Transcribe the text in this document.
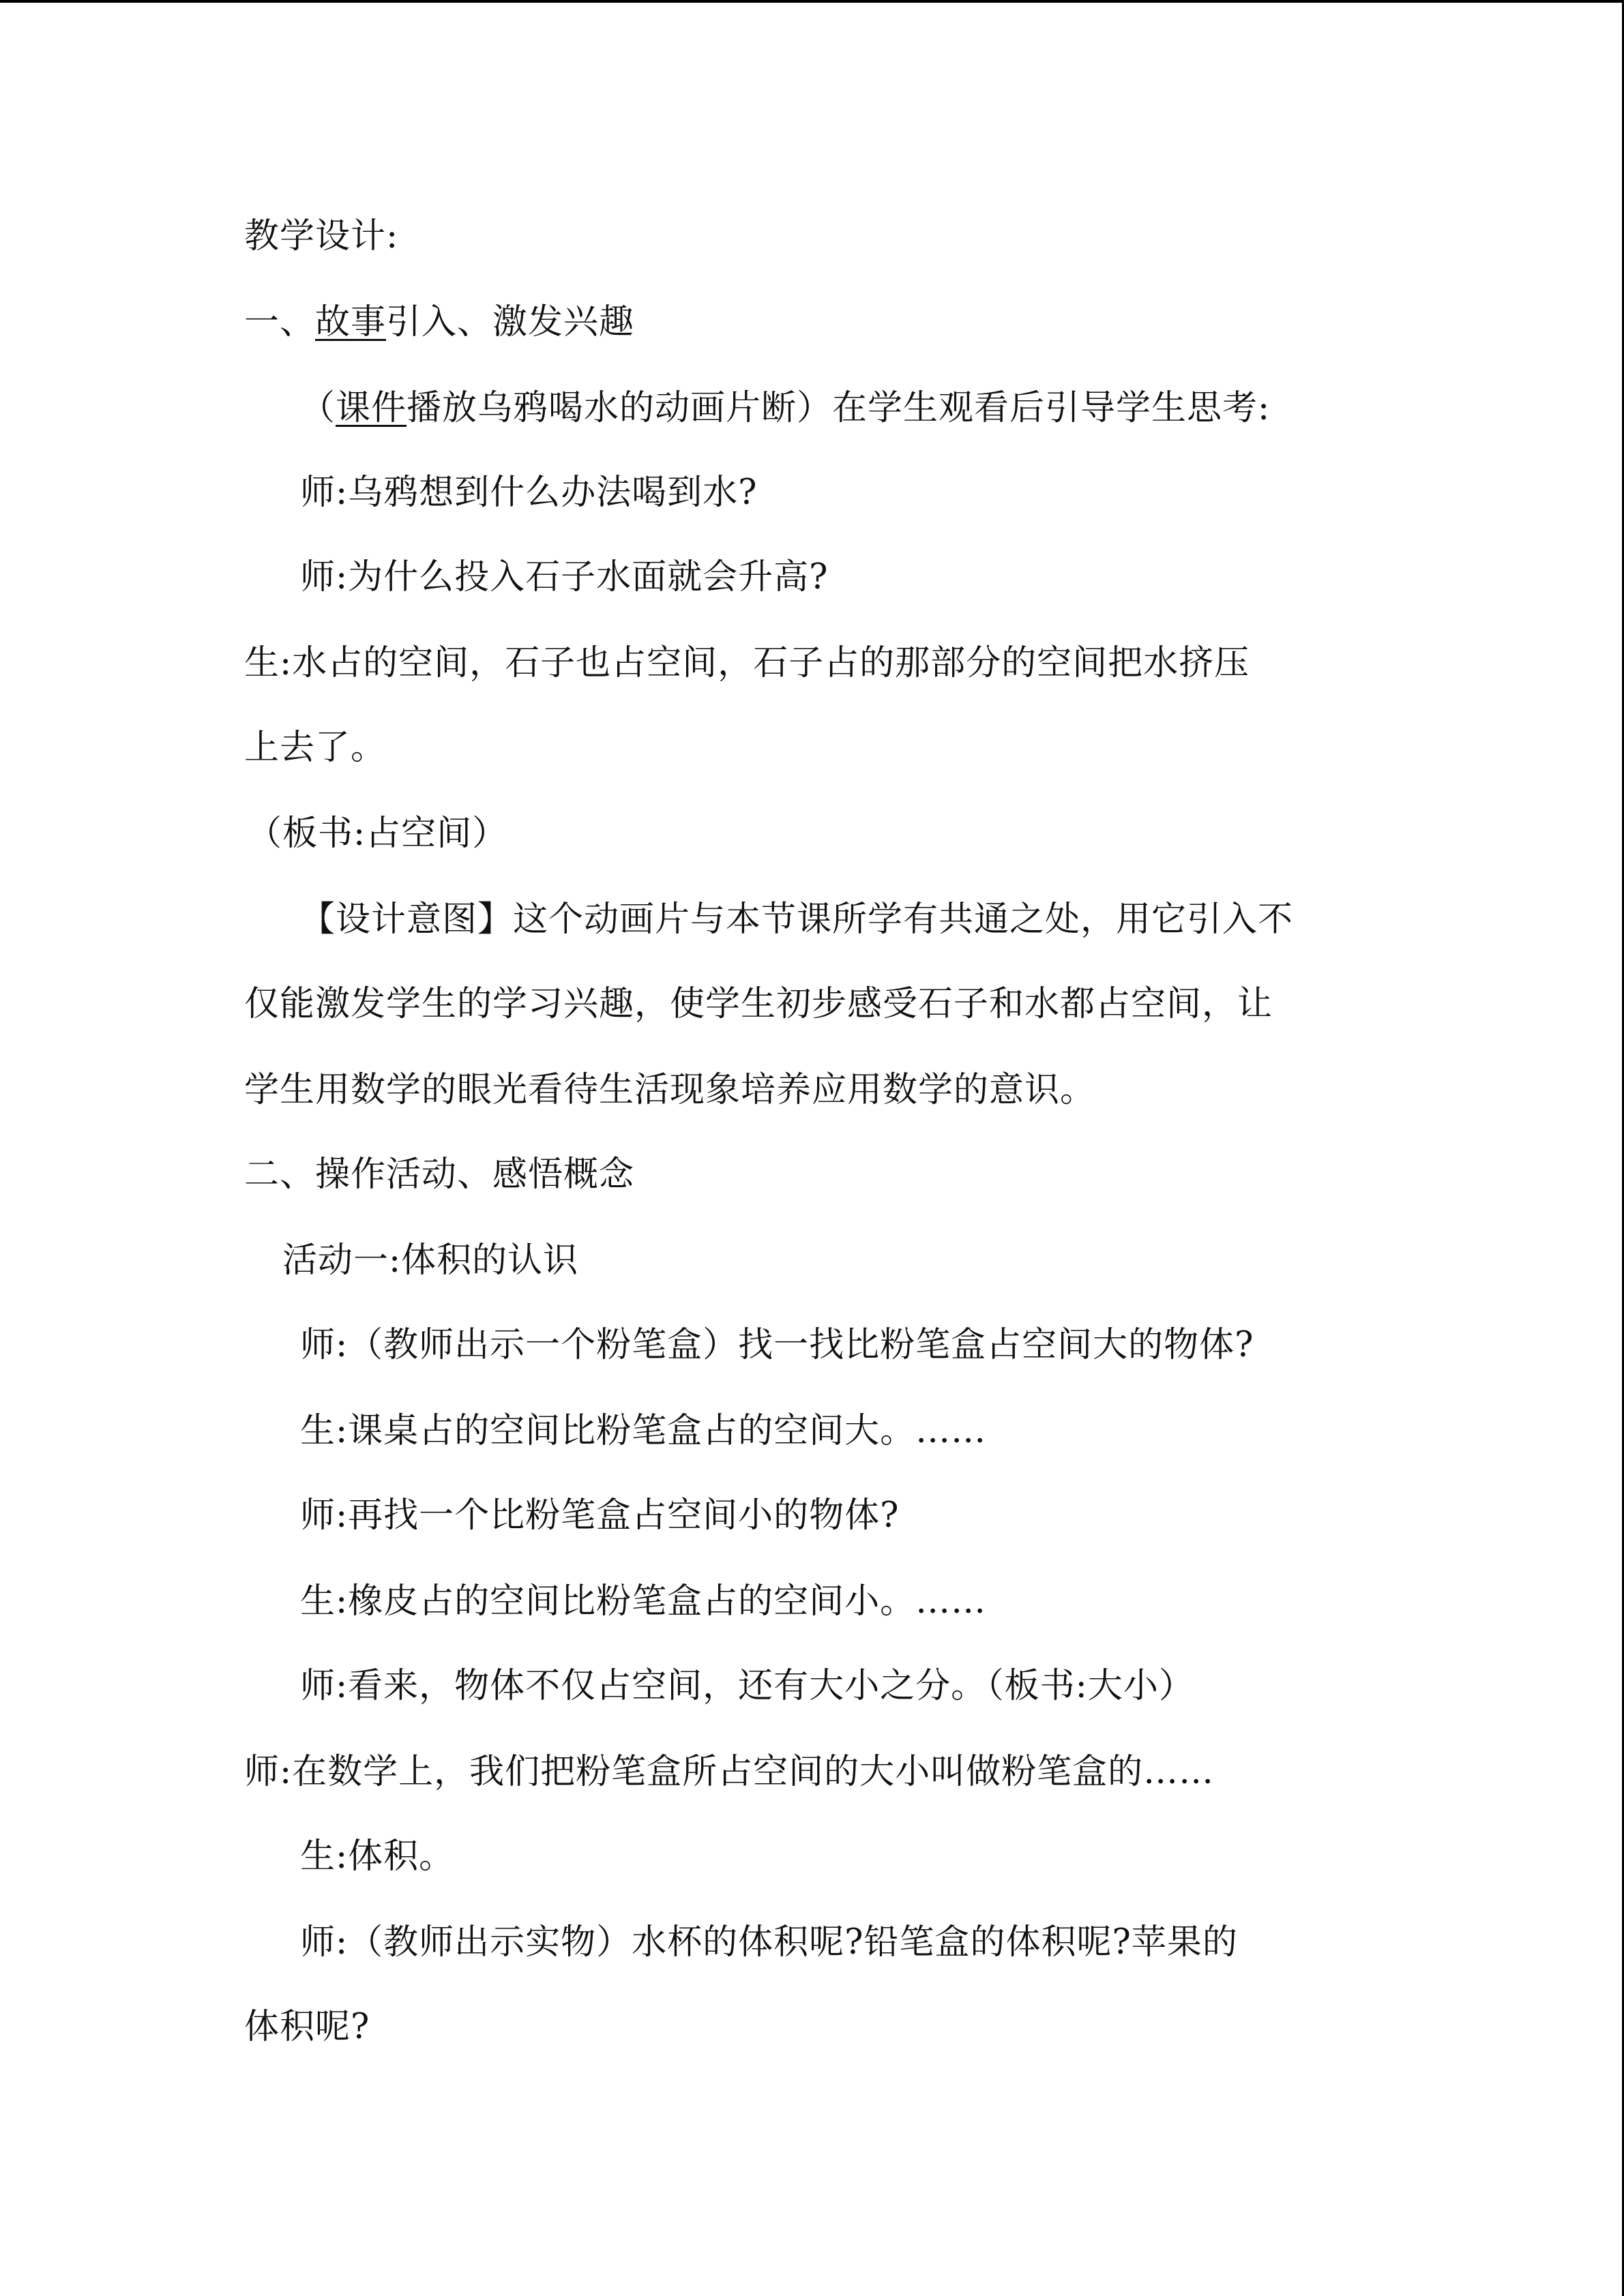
教学设计:

一、故事引入、激发兴趣

（课件播放乌鸦喝水的动画片断）在学生观看后引导学生思考:

师:乌鸦想到什么办法喝到水?

师:为什么投入石子水面就会升高?

生:水占的空间，石子也占空间，石子占的那部分的空间把水挤压

上去了。

（板书:占空间）

【设计意图】这个动画片与本节课所学有共通之处，用它引入不

仅能激发学生的学习兴趣，使学生初步感受石子和水都占空间，让

学生用数学的眼光看待生活现象培养应用数学的意识。

二、操作活动、感悟概念

活动一:体积的认识

师:（教师出示一个粉笔盒）找一找比粉笔盒占空间大的物体?

生:课桌占的空间比粉笔盒占的空间大。……

师:再找一个比粉笔盒占空间小的物体?

生:橡皮占的空间比粉笔盒占的空间小。……

师:看来，物体不仅占空间，还有大小之分。（板书:大小）

师:在数学上，我们把粉笔盒所占空间的大小叫做粉笔盒的……

生:体积。

师:（教师出示实物）水杯的体积呢?铅笔盒的体积呢?苹果的

体积呢?
